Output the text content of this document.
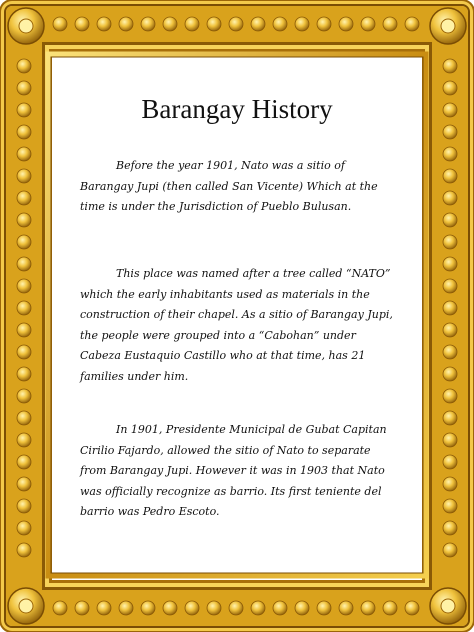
Barangay History

Before the year 1901, Nato was a sitio of Barangay Jupi (then called San Vicente) Which at the time is under the Jurisdiction of Pueblo Bulusan.

This place was named after a tree called “NATO” which the early inhabitants used as materials in the construction of their chapel. As a sitio of Barangay Jupi, the people were grouped into a “Cabohan” under Cabeza Eustaquio Castillo who at that time, has 21 families under him.

In 1901, Presidente Municipal de Gubat Capitan Cirilio Fajardo, allowed the sitio of Nato to separate from Barangay Jupi. However it was in 1903 that Nato was officially recognize as barrio. Its first teniente del barrio was Pedro Escoto.
